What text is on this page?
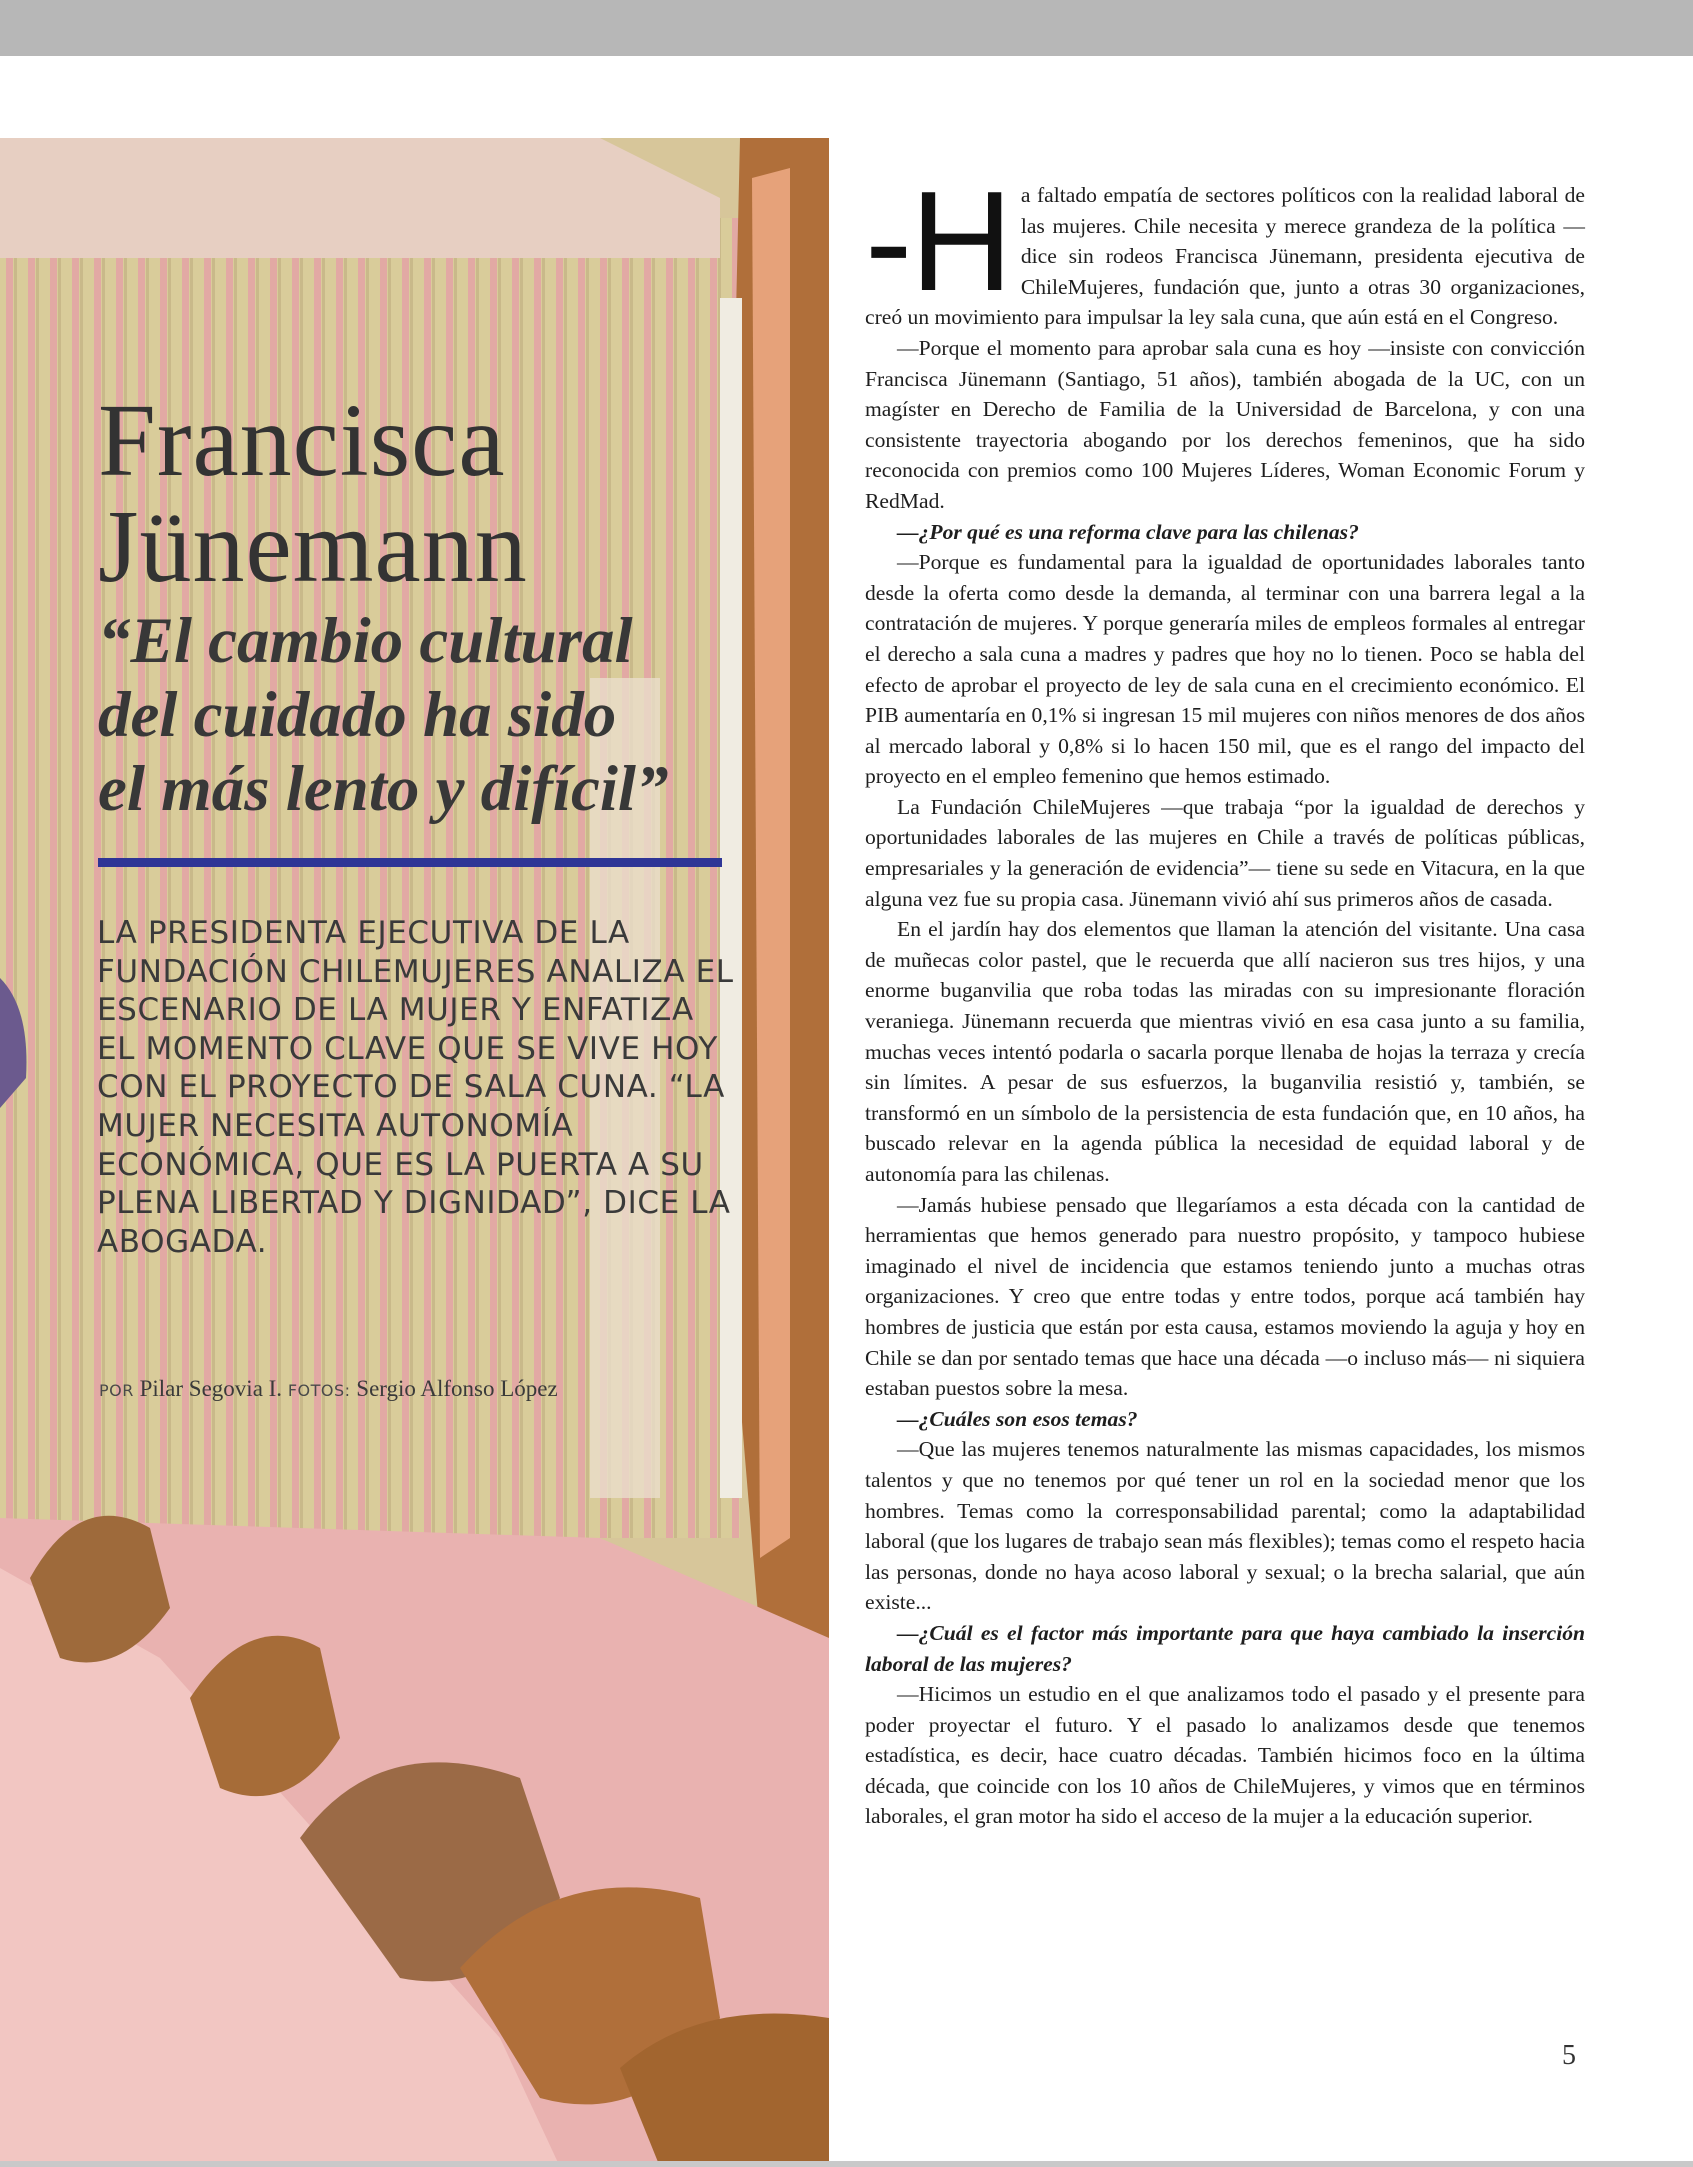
Francisca
Jünemann
“El cambio cultural
del cuidado ha sido
el más lento y difícil”

LA PRESIDENTA EJECUTIVA DE LA FUNDACIÓN CHILEMUJERES ANALIZA EL ESCENARIO DE LA MUJER Y ENFATIZA EL MOMENTO CLAVE QUE SE VIVE HOY CON EL PROYECTO DE SALA CUNA. “LA MUJER NECESITA AUTONOMÍA ECONÓMICA, QUE ES LA PUERTA A SU PLENA LIBERTAD Y DIGNIDAD”, DICE LA ABOGADA.

POR Pilar Segovia I. FOTOS: Sergio Alfonso López
-H a faltado empatía de sectores políticos con la realidad laboral de las mujeres. Chile necesita y merece grandeza de la política —dice sin rodeos Francisca Jünemann, presidenta ejecutiva de ChileMujeres, fundación que, junto a otras 30 organizaciones, creó un movimiento para impulsar la ley sala cuna, que aún está en el Congreso.

—Porque el momento para aprobar sala cuna es hoy —insiste con convicción Francisca Jünemann (Santiago, 51 años), también abogada de la UC, con un magíster en Derecho de Familia de la Universidad de Barcelona, y con una consistente trayectoria abogando por los derechos femeninos, que ha sido reconocida con premios como 100 Mujeres Líderes, Woman Economic Forum y RedMad.

—¿Por qué es una reforma clave para las chilenas?

—Porque es fundamental para la igualdad de oportunidades laborales tanto desde la oferta como desde la demanda, al terminar con una barrera legal a la contratación de mujeres. Y porque generaría miles de empleos formales al entregar el derecho a sala cuna a madres y padres que hoy no lo tienen. Poco se habla del efecto de aprobar el proyecto de ley de sala cuna en el crecimiento económico. El PIB aumentaría en 0,1% si ingresan 15 mil mujeres con niños menores de dos años al mercado laboral y 0,8% si lo hacen 150 mil, que es el rango del impacto del proyecto en el empleo femenino que hemos estimado.

La Fundación ChileMujeres —que trabaja “por la igualdad de derechos y oportunidades laborales de las mujeres en Chile a través de políticas públicas, empresariales y la generación de evidencia”— tiene su sede en Vitacura, en la que alguna vez fue su propia casa. Jünemann vivió ahí sus primeros años de casada.

En el jardín hay dos elementos que llaman la atención del visitante. Una casa de muñecas color pastel, que le recuerda que allí nacieron sus tres hijos, y una enorme buganvilia que roba todas las miradas con su impresionante floración veraniega. Jünemann recuerda que mientras vivió en esa casa junto a su familia, muchas veces intentó podarla o sacarla porque llenaba de hojas la terraza y crecía sin límites. A pesar de sus esfuerzos, la buganvilia resistió y, también, se transformó en un símbolo de la persistencia de esta fundación que, en 10 años, ha buscado relevar en la agenda pública la necesidad de equidad laboral y de autonomía para las chilenas.

—Jamás hubiese pensado que llegaríamos a esta década con la cantidad de herramientas que hemos generado para nuestro propósito, y tampoco hubiese imaginado el nivel de incidencia que estamos teniendo junto a muchas otras organizaciones. Y creo que entre todas y entre todos, porque acá también hay hombres de justicia que están por esta causa, estamos moviendo la aguja y hoy en Chile se dan por sentado temas que hace una década —o incluso más— ni siquiera estaban puestos sobre la mesa.

—¿Cuáles son esos temas?

—Que las mujeres tenemos naturalmente las mismas capacidades, los mismos talentos y que no tenemos por qué tener un rol en la sociedad menor que los hombres. Temas como la corresponsabilidad parental; como la adaptabilidad laboral (que los lugares de trabajo sean más flexibles); temas como el respeto hacia las personas, donde no haya acoso laboral y sexual; o la brecha salarial, que aún existe...

—¿Cuál es el factor más importante para que haya cambiado la inserción laboral de las mujeres?

—Hicimos un estudio en el que analizamos todo el pasado y el presente para poder proyectar el futuro. Y el pasado lo analizamos desde que tenemos estadística, es decir, hace cuatro décadas. También hicimos foco en la última década, que coincide con los 10 años de ChileMujeres, y vimos que en términos laborales, el gran motor ha sido el acceso de la mujer a la educación superior.

5
